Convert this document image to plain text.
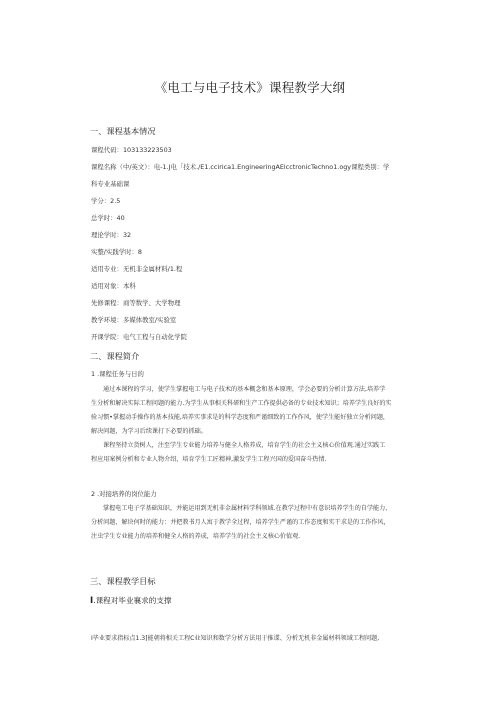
《电工与电子技术》课程教学大纲
一、课程基本情况
课程代码：103133223503
课程名称（中/英文）：电-1.J电「技术./E1.ccirica1.EngineeringAElcctronicTechno1.ogy课程类别：学
科专业基础课
学分：2.5
总学时：40
理论学时：32
实整/实践学时：8
适用专业：无机非金属材料/1.程
适用对象：本科
先修课程：商等数学、大学物理
教学环境：多媒体教室/实验室
开课学院：电气工程与自动化学院
二、课程简介
1 .课程任务与日的
通过本课程的学习，使学生掌握电工与电子技术的基本概念和基本原理，学会必要的分析计算方法,培养学
生分析和解决实际工程问题的能力.为学生从事相关科研和生产工作提供必备的专业技术知识；培养学生良好的实
验习惯•掌握动手操作的基本技能,培养实事求是的科学态度和严谨细致的工作作风，使学生能好独立分析问题，
解决问题，为学习后续课打下必要的抓础。
课程坚持立货树人，注至学生专业能力培养与健全人格养成，培育学生的社会主义核心价值观.通过实践工
程应用案例分析和专业人物介绍，培育学生工匠精神,激发学生工程兴国的爱国奋斗热情.
2 .对接培养的岗位能力
掌握电工电子学基础知识，并能运用到无机非金属材料学科领域.在教学过程中有意识培养学生的自学能力、
分析问题、解块何时的能力：并把教书月人寓于教学全过程，培养学生严谨的工作态度和实干求是的工作作风，
注虫学生专业能力的培养和健全人格的养成，培养学生的社会主义核心价值观.
三、课程教学目标
I.课程对毕业襄求的支撑
I毕业要求指标点1.3]能朝将相关工程C业知识和数学分析方法用于推谍、分析无机非金属材料领域工程问题,
